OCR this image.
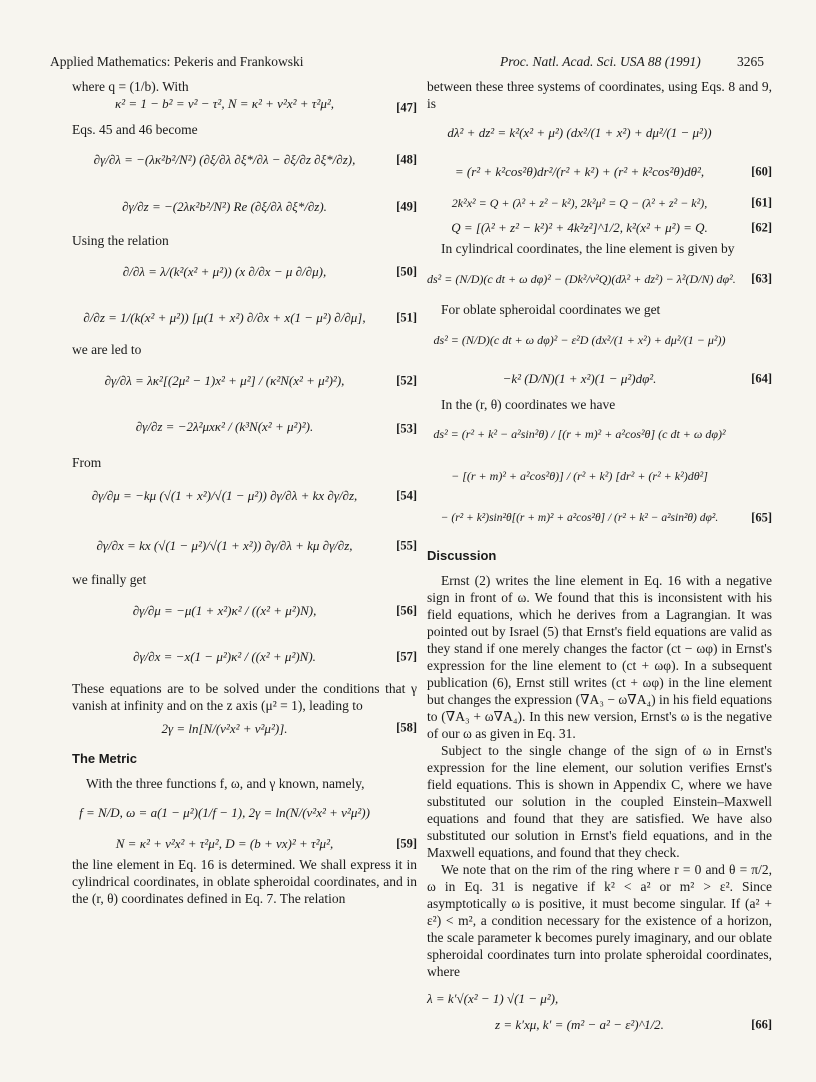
Applied Mathematics: Pekeris and Frankowski	Proc. Natl. Acad. Sci. USA 88 (1991)	3265

where q = (1/b). With

κ² = 1 − b² = ν² − τ², N = κ² + ν²x² + τ²μ²,	[47]

Eqs. 45 and 46 become

∂γ/∂λ = −(λκ²b²/N²) (∂ξ/∂λ ∂ξ*/∂λ − ∂ξ/∂z ∂ξ*/∂z),	[48]
∂γ/∂z = −(2λκ²b²/N²) Re (∂ξ/∂λ ∂ξ*/∂z).	[49]

Using the relation

∂/∂λ = λ/(k²(x² + μ²)) (x ∂/∂x − μ ∂/∂μ),	[50]
∂/∂z = 1/(k(x² + μ²)) [μ(1 + x²) ∂/∂x + x(1 − μ²) ∂/∂μ],	[51]

we are led to

∂γ/∂λ = λκ²[(2μ² − 1)x² + μ²] / (κ²N(x² + μ²)²),	[52]
∂γ/∂z = −2λ²μxκ² / (k³N(x² + μ²)²).	[53]

From

∂γ/∂μ = −kμ (√(1 + x²)/√(1 − μ²)) ∂γ/∂λ + kx ∂γ/∂z,	[54]
∂γ/∂x = kx (√(1 − μ²)/√(1 + x²)) ∂γ/∂λ + kμ ∂γ/∂z,	[55]

we finally get

∂γ/∂μ = −μ(1 + x²)κ² / ((x² + μ²)N),	[56]
∂γ/∂x = −x(1 − μ²)κ² / ((x² + μ²)N).	[57]

These equations are to be solved under the conditions that γ vanish at infinity and on the z axis (μ² = 1), leading to

2γ = ln[N/(ν²x² + ν²μ²)].	[58]

The Metric

With the three functions f, ω, and γ known, namely,

f = N/D, ω = a(1 − μ²)(1/f − 1), 2γ = ln(N/(ν²x² + ν²μ²))
N = κ² + ν²x² + τ²μ², D = (b + νx)² + τ²μ²,	[59]

the line element in Eq. 16 is determined. We shall express it in cylindrical coordinates, in oblate spheroidal coordinates, and in the (r, θ) coordinates defined in Eq. 7. The relation

between these three systems of coordinates, using Eqs. 8 and 9, is

dλ² + dz² = k²(x² + μ²) (dx²/(1 + x²) + dμ²/(1 − μ²))
= (r² + k²cos²θ)dr²/(r² + k²) + (r² + k²cos²θ)dθ²,	[60]
2k²x² = Q + (λ² + z² − k²), 2k²μ² = Q − (λ² + z² − k²),	[61]
Q = [(λ² + z² − k²)² + 4k²z²]^1/2, k²(x² + μ²) = Q.	[62]

In cylindrical coordinates, the line element is given by

ds² = (N/D)(c dt + ω dφ)² − (Dk²/ν²Q)(dλ² + dz²) − λ²(D/N) dφ². [63]

For oblate spheroidal coordinates we get

ds² = (N/D)(c dt + ω dφ)² − ε²D (dx²/(1 + x²) + dμ²/(1 − μ²))
−k² (D/N)(1 + x²)(1 − μ²)dφ².	[64]

In the (r, θ) coordinates we have

ds² = (r² + k² − a²sin²θ) / [(r + m)² + a²cos²θ] (c dt + ω dφ)²
− [(r + m)² + a²cos²θ)] / (r² + k²) [dr² + (r² + k²)dθ²]
− (r² + k²)sin²θ[(r + m)² + a²cos²θ] / (r² + k² − a²sin²θ) dφ².	[65]

Discussion

Ernst (2) writes the line element in Eq. 16 with a negative sign in front of ω. We found that this is inconsistent with his field equations, which he derives from a Lagrangian. It was pointed out by Israel (5) that Ernst's field equations are valid as they stand if one merely changes the factor (ct − ωφ) in Ernst's expression for the line element to (ct + ωφ). In a subsequent publication (6), Ernst still writes (ct + ωφ) in the line element but changes the expression (∇A₃ − ω∇A₄) in his field equations to (∇A₃ + ω∇A₄). In this new version, Ernst's ω is the negative of our ω as given in Eq. 31.

Subject to the single change of the sign of ω in Ernst's expression for the line element, our solution verifies Ernst's field equations. This is shown in Appendix C, where we have substituted our solution in the coupled Einstein–Maxwell equations and found that they are satisfied. We have also substituted our solution in Ernst's field equations, and in the Maxwell equations, and found that they check.

We note that on the rim of the ring where r = 0 and θ = π/2, ω in Eq. 31 is negative if k² < a² or m² > ε². Since asymptotically ω is positive, it must become singular. If (a² + ε²) < m², a condition necessary for the existence of a horizon, the scale parameter k becomes purely imaginary, and our oblate spheroidal coordinates turn into prolate spheroidal coordinates, where

λ = k′√(x² − 1) √(1 − μ²),
z = k′xμ, k′ = (m² − a² − ε²)^1/2.	[66]
